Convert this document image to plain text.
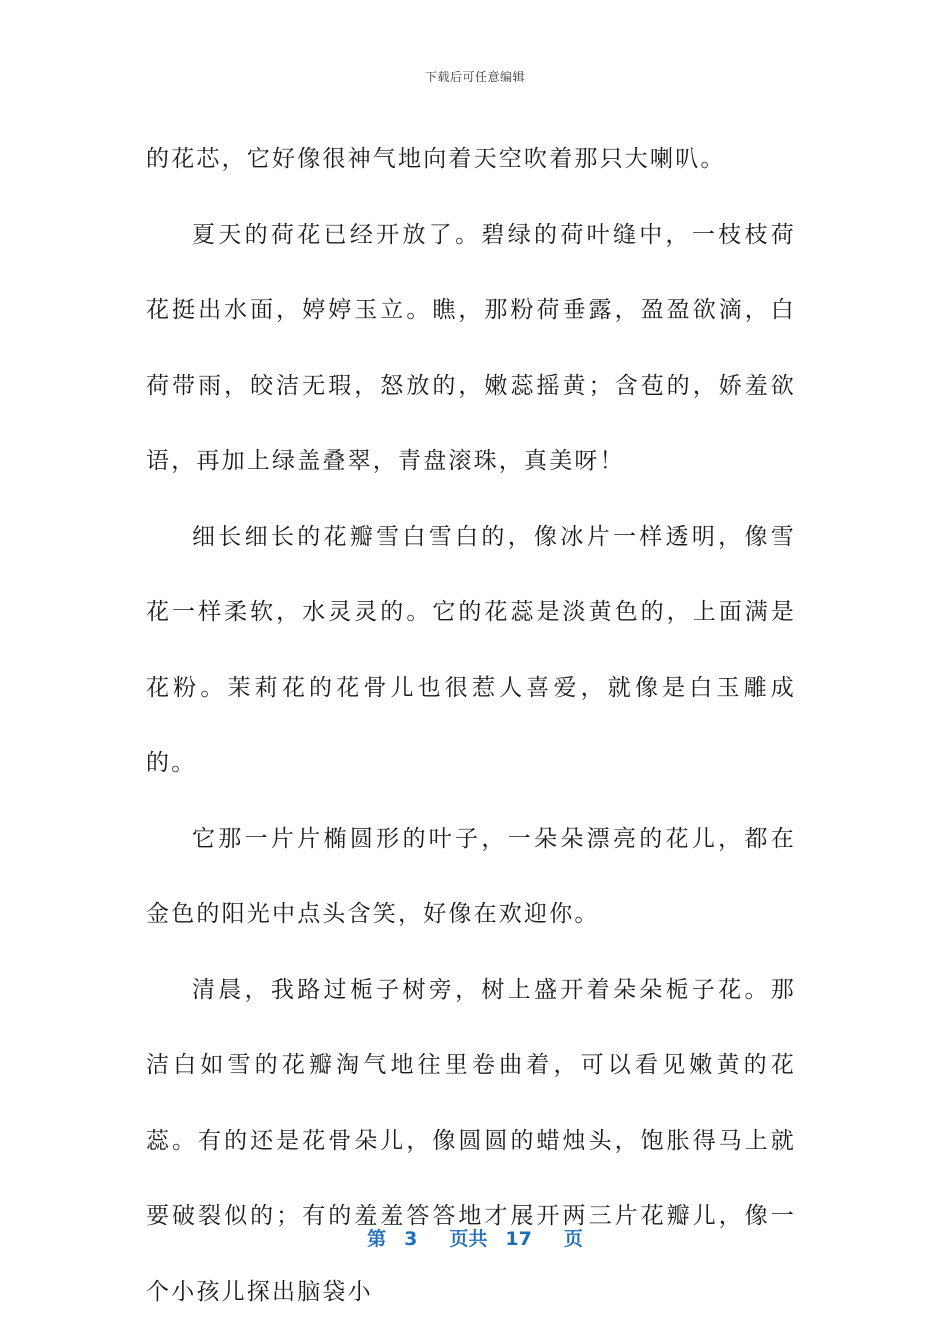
下载后可任意编辑

的花芯，它好像很神气地向着天空吹着那只大喇叭。

夏天的荷花已经开放了。碧绿的荷叶缝中，一枝枝荷花挺出水面，婷婷玉立。瞧，那粉荷垂露，盈盈欲滴，白荷带雨，皎洁无瑕，怒放的，嫩蕊摇黄；含苞的，娇羞欲语，再加上绿盖叠翠，青盘滚珠，真美呀！

细长细长的花瓣雪白雪白的，像冰片一样透明，像雪花一样柔软，水灵灵的。它的花蕊是淡黄色的，上面满是花粉。茉莉花的花骨儿也很惹人喜爱，就像是白玉雕成的。

它那一片片椭圆形的叶子，一朵朵漂亮的花儿，都在金色的阳光中点头含笑，好像在欢迎你。

清晨，我路过栀子树旁，树上盛开着朵朵栀子花。那洁白如雪的花瓣淘气地往里卷曲着，可以看见嫩黄的花蕊。有的还是花骨朵儿，像圆圆的蜡烛头，饱胀得马上就要破裂似的；有的羞羞答答地才展开两三片花瓣儿，像一个小孩儿探出脑袋小

第 3 页共 17 页
